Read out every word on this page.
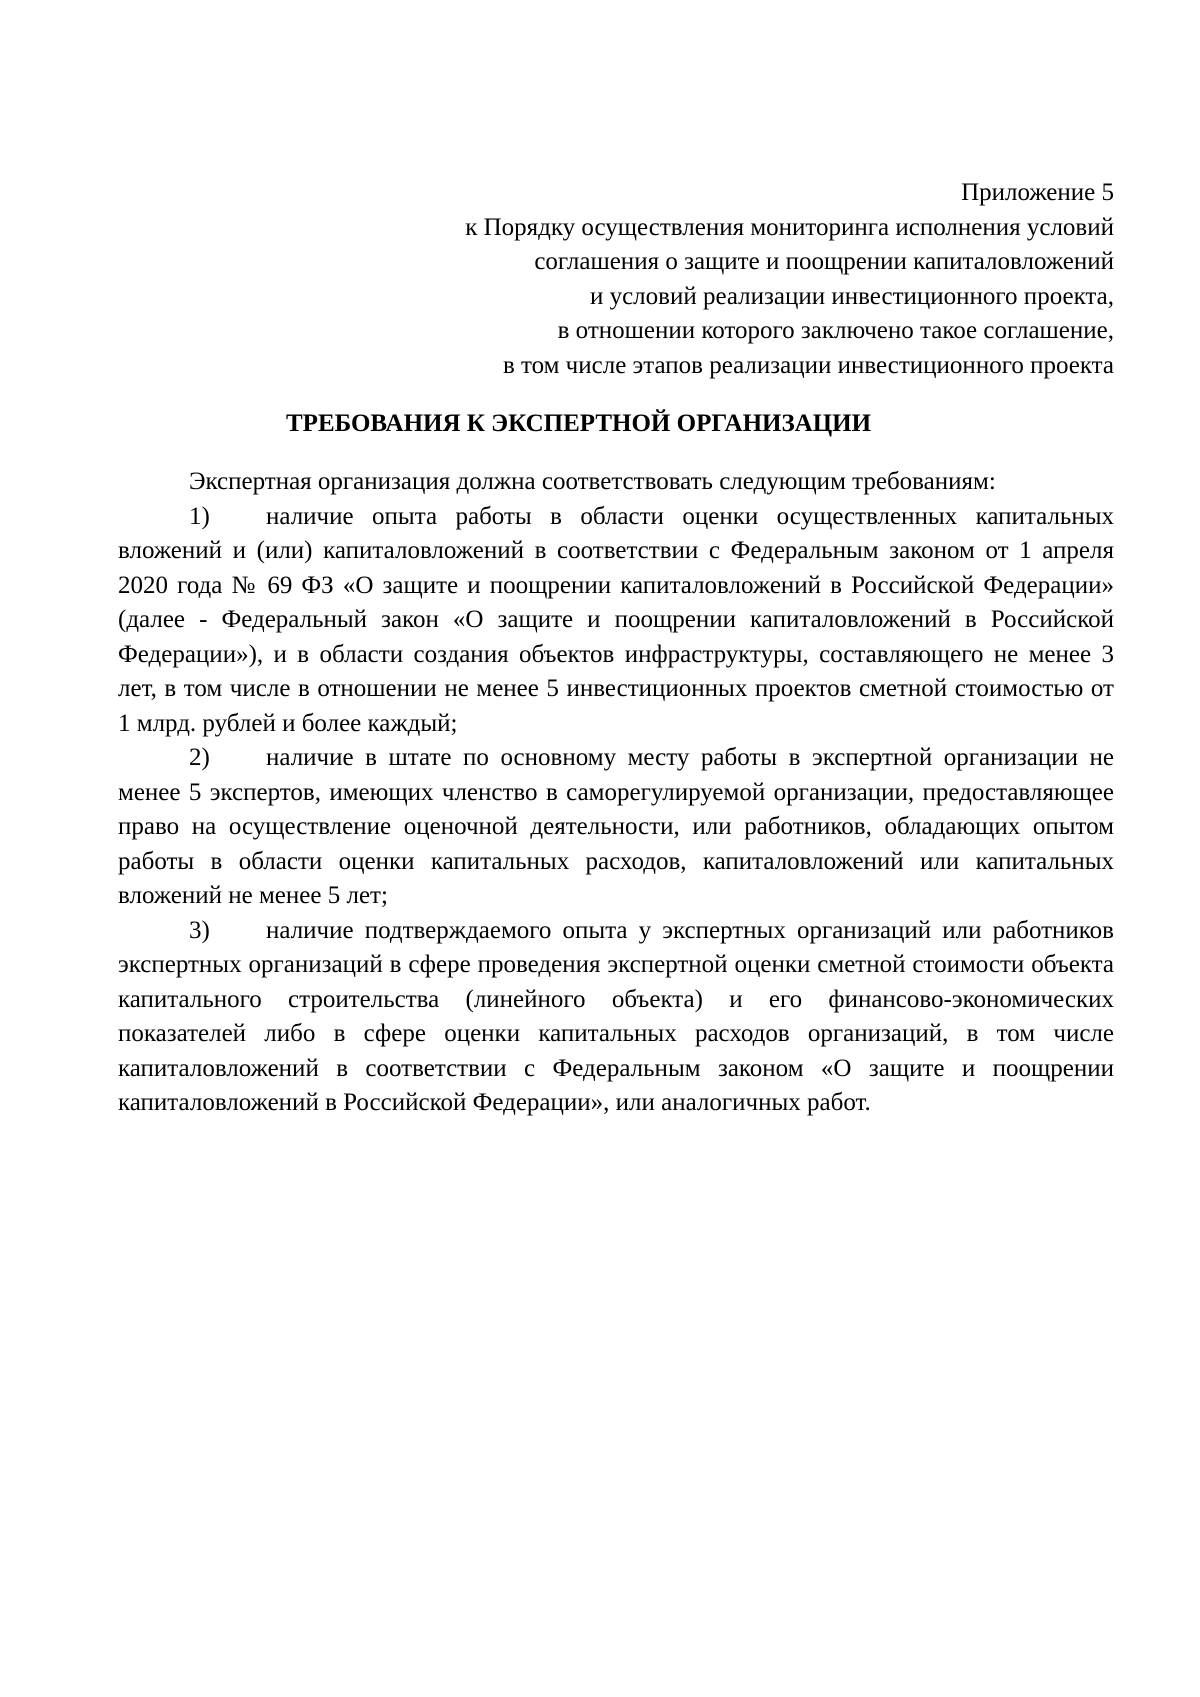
Приложение 5
к Порядку осуществления мониторинга исполнения условий
соглашения о защите и поощрении капиталовложений
и условий реализации инвестиционного проекта,
в отношении которого заключено такое соглашение,
в том числе этапов реализации инвестиционного проекта
ТРЕБОВАНИЯ К ЭКСПЕРТНОЙ ОРГАНИЗАЦИИ

Экспертная организация должна соответствовать следующим требованиям:

1) наличие опыта работы в области оценки осуществленных капитальных вложений и (или) капиталовложений в соответствии с Федеральным законом от 1 апреля 2020 года № 69 ФЗ «О защите и поощрении капиталовложений в Российской Федерации» (далее - Федеральный закон «О защите и поощрении капиталовложений в Российской Федерации»), и в области создания объектов инфраструктуры, составляющего не менее 3 лет, в том числе в отношении не менее 5 инвестиционных проектов сметной стоимостью от 1 млрд. рублей и более каждый;

2) наличие в штате по основному месту работы в экспертной организации не менее 5 экспертов, имеющих членство в саморегулируемой организации, предоставляющее право на осуществление оценочной деятельности, или работников, обладающих опытом работы в области оценки капитальных расходов, капиталовложений или капитальных вложений не менее 5 лет;

3) наличие подтверждаемого опыта у экспертных организаций или работников экспертных организаций в сфере проведения экспертной оценки сметной стоимости объекта капитального строительства (линейного объекта) и его финансово-экономических показателей либо в сфере оценки капитальных расходов организаций, в том числе капиталовложений в соответствии с Федеральным законом «О защите и поощрении капиталовложений в Российской Федерации», или аналогичных работ.
